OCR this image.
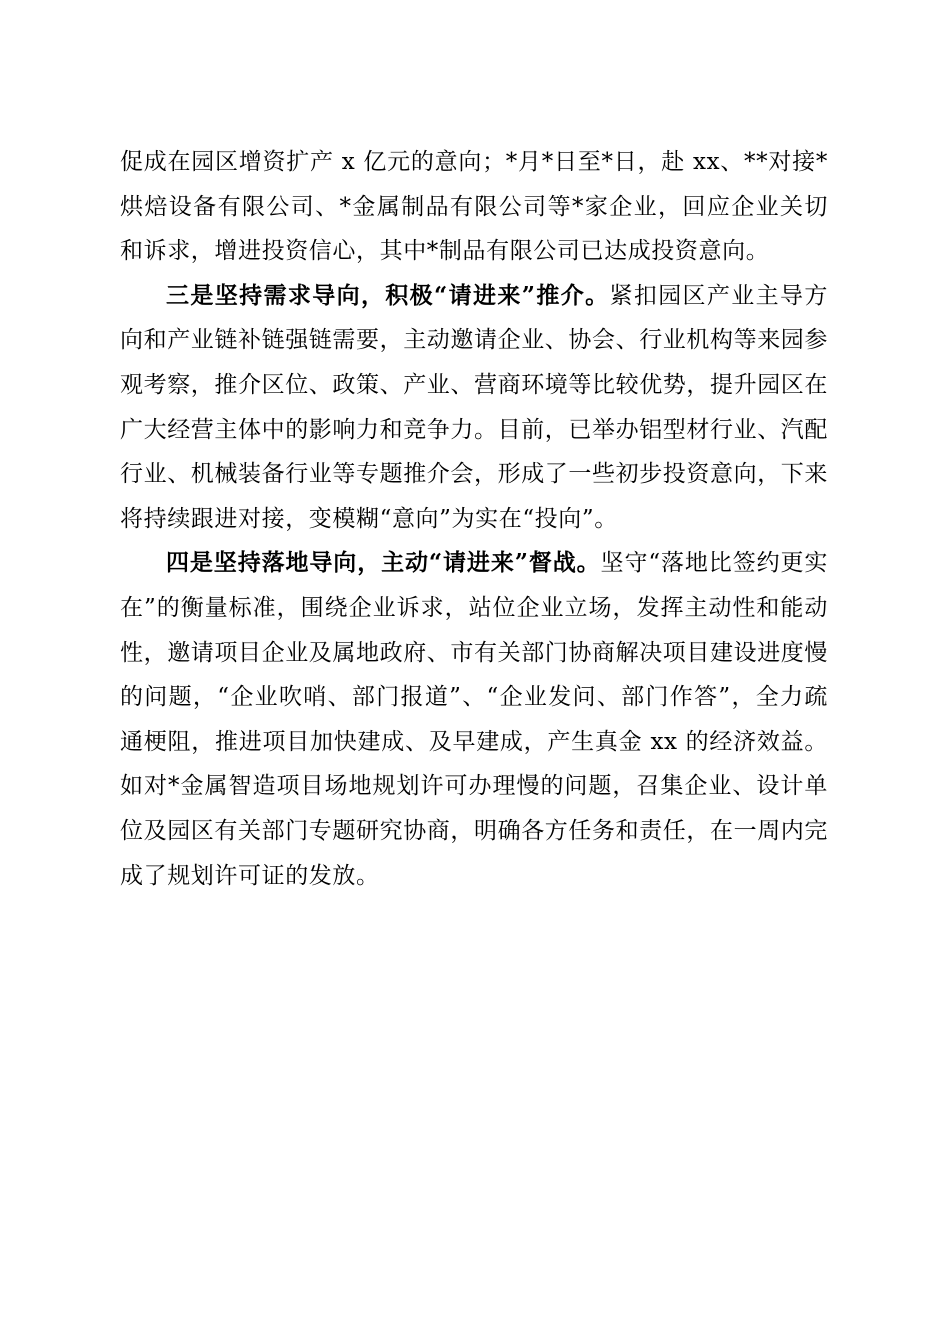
促成在园区增资扩产 x 亿元的意向；*月*日至*日，赴 xx、**对接*烘焙设备有限公司、*金属制品有限公司等*家企业，回应企业关切和诉求，增进投资信心，其中*制品有限公司已达成投资意向。

三是坚持需求导向，积极“请进来”推介。紧扣园区产业主导方向和产业链补链强链需要，主动邀请企业、协会、行业机构等来园参观考察，推介区位、政策、产业、营商环境等比较优势，提升园区在广大经营主体中的影响力和竞争力。目前，已举办铝型材行业、汽配行业、机械装备行业等专题推介会，形成了一些初步投资意向，下来将持续跟进对接，变模糊“意向”为实在“投向”。

四是坚持落地导向，主动“请进来”督战。坚守“落地比签约更实在”的衡量标准，围绕企业诉求，站位企业立场，发挥主动性和能动性，邀请项目企业及属地政府、市有关部门协商解决项目建设进度慢的问题，“企业吹哨、部门报道”、“企业发问、部门作答”，全力疏通梗阻，推进项目加快建成、及早建成，产生真金 xx 的经济效益。如对*金属智造项目场地规划许可办理慢的问题，召集企业、设计单位及园区有关部门专题研究协商，明确各方任务和责任，在一周内完成了规划许可证的发放。
